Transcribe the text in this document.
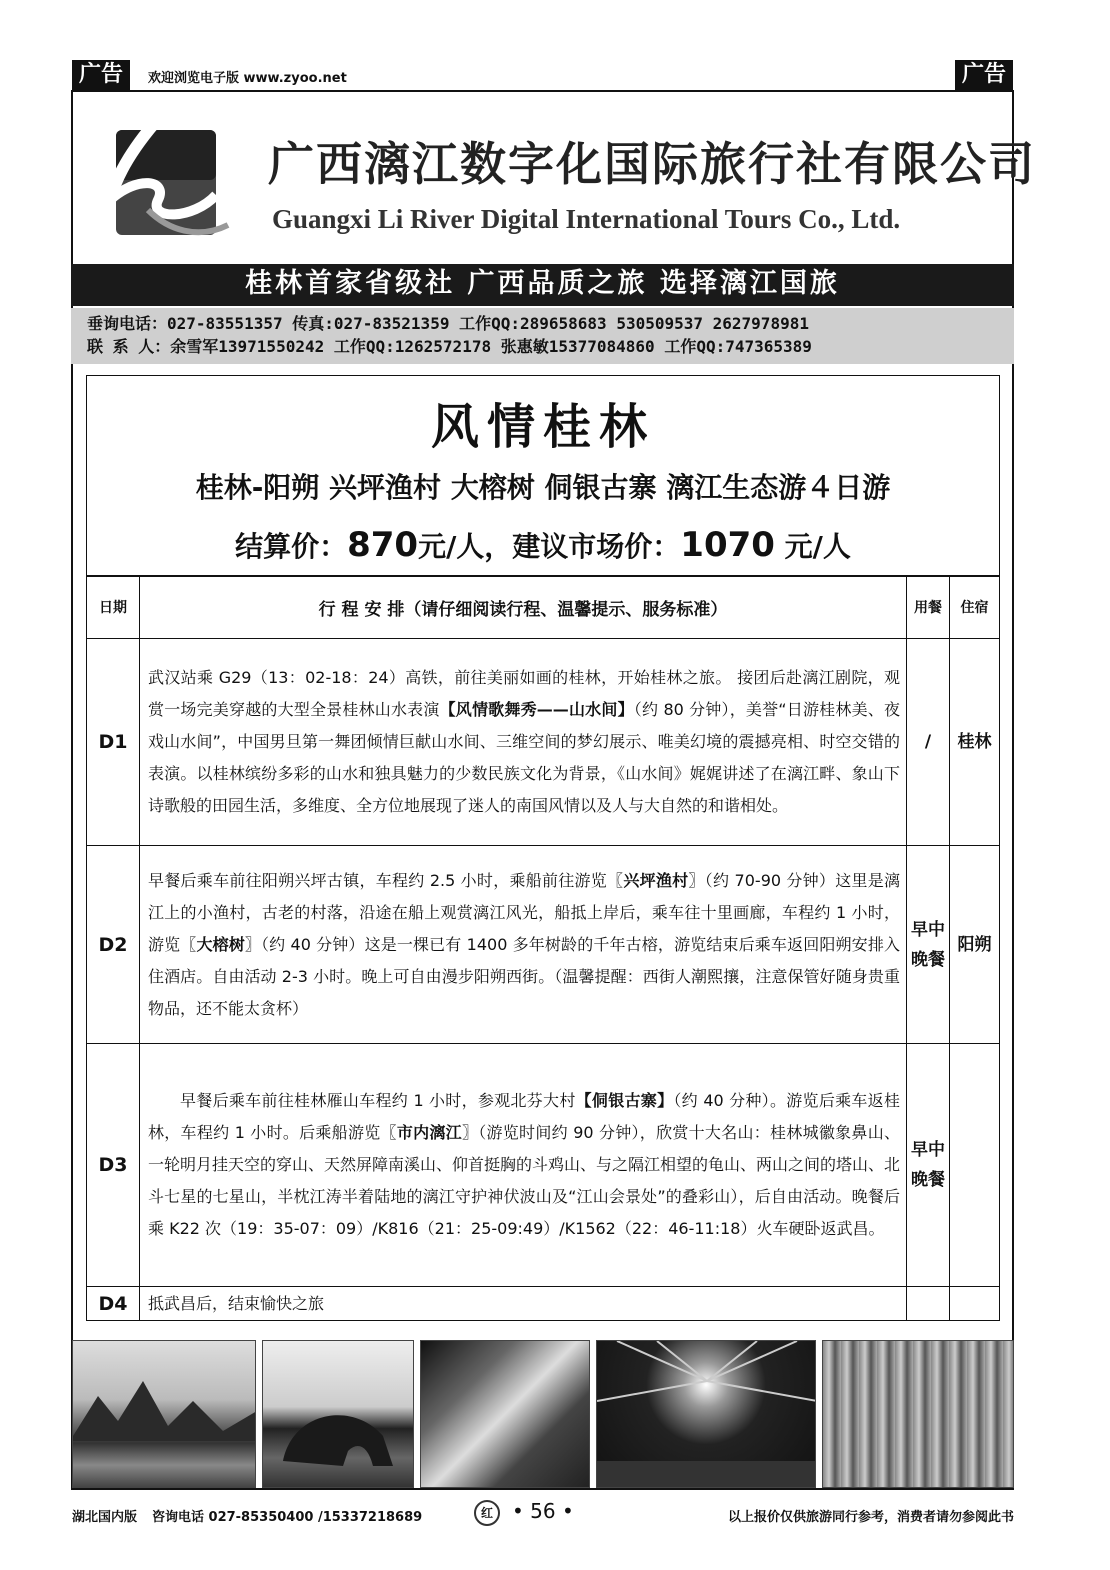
广告	欢迎浏览电子版 www.zyoo.net	广告
广西漓江数字化国际旅行社有限公司
Guangxi Li River Digital International Tours Co., Ltd.
桂林首家省级社 广西品质之旅 选择漓江国旅
垂询电话：027-83551357 传真:027-83521359 工作QQ:289658683 530509537 2627978981
联 系 人：余雪军13971550242 工作QQ:1262572178 张惠敏15377084860 工作QQ:747365389
风情桂林
桂林-阳朔 兴坪渔村 大榕树 侗银古寨 漓江生态游４日游
结算价：870元/人，建议市场价：1070 元/人
日期	行 程 安 排（请仔细阅读行程、温馨提示、服务标准）	用餐	住宿
D1	武汉站乘 G29（13：02-18：24）高铁，前往美丽如画的桂林，开始桂林之旅。 接团后赴漓江剧院，观赏一场完美穿越的大型全景桂林山水表演【风情歌舞秀——山水间】（约 80 分钟），美誉“日游桂林美、夜戏山水间”，中国男旦第一舞团倾情巨献山水间、三维空间的梦幻展示、唯美幻境的震撼亮相、时空交错的表演。以桂林缤纷多彩的山水和独具魅力的少数民族文化为背景，《山水间》娓娓讲述了在漓江畔、象山下诗歌般的田园生活，多维度、全方位地展现了迷人的南国风情以及人与大自然的和谐相处。	/	桂林
D2	早餐后乘车前往阳朔兴坪古镇，车程约 2.5 小时，乘船前往游览〖兴坪渔村〗（约 70-90 分钟）这里是漓江上的小渔村，古老的村落，沿途在船上观赏漓江风光，船抵上岸后，乘车往十里画廊，车程约 1 小时，游览〖大榕树〗（约 40 分钟）这是一棵已有 1400 多年树龄的千年古榕，游览结束后乘车返回阳朔安排入住酒店。自由活动 2-3 小时。晚上可自由漫步阳朔西街。（温馨提醒：西街人潮熙攘，注意保管好随身贵重物品，还不能太贪杯）	早中晚餐	阳朔
D3	早餐后乘车前往桂林雁山车程约 1 小时，参观北芬大村【侗银古寨】（约 40 分种）。游览后乘车返桂林，车程约 1 小时。后乘船游览〖市内漓江〗（游览时间约 90 分钟），欣赏十大名山：桂林城徽象鼻山、一轮明月挂天空的穿山、天然屏障南溪山、仰首挺胸的斗鸡山、与之隔江相望的龟山、两山之间的塔山、北斗七星的七星山，半枕江涛半着陆地的漓江守护神伏波山及“江山会景处”的叠彩山），后自由活动。晚餐后乘 K22 次（19：35-07：09）/K816（21：25-09:49）/K1562（22：46-11:18）火车硬卧返武昌。	早中晚餐	
D4	抵武昌后，结束愉快之旅		
湖北国内版 咨询电话 027-85350400 /15337218689	红 • 56 •	以上报价仅供旅游同行参考，消费者请勿参阅此书
